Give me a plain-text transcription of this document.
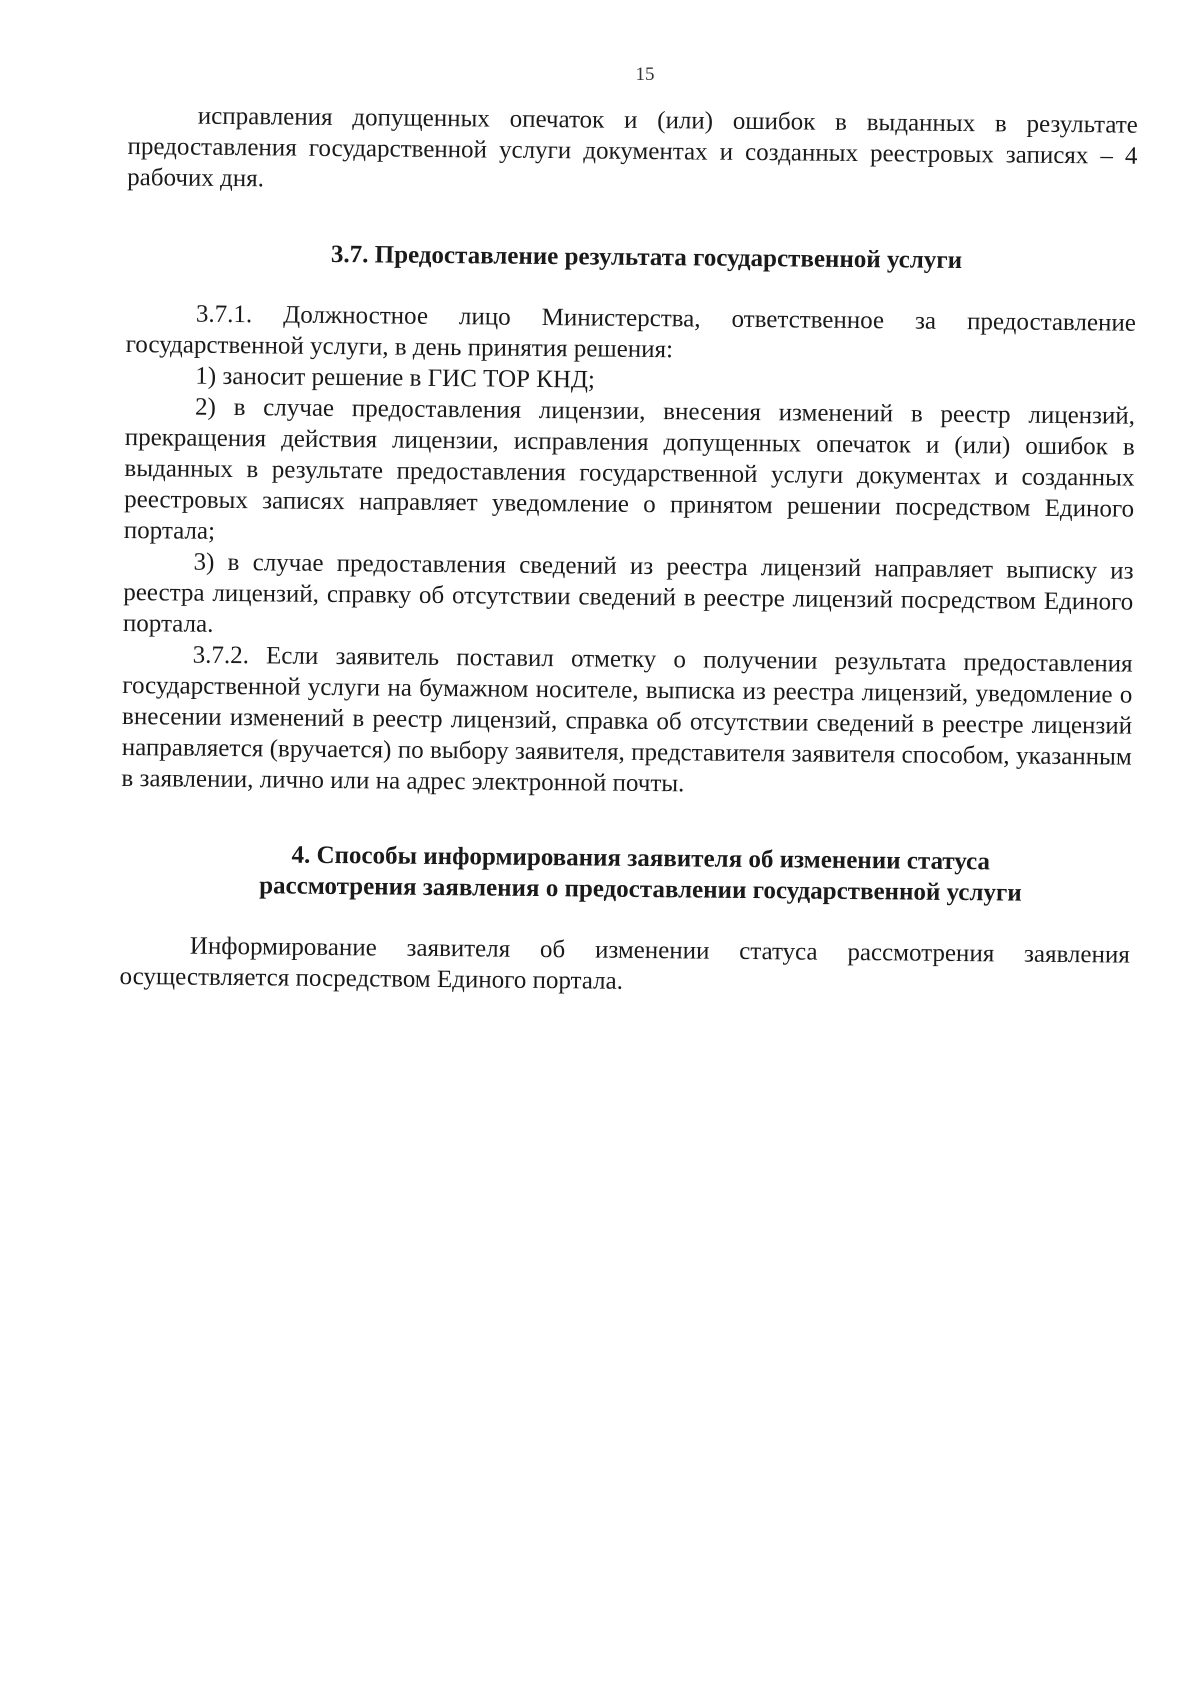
15

исправления допущенных опечаток и (или) ошибок в выданных в результате предоставления государственной услуги документах и созданных реестровых записях – 4 рабочих дня.

3.7. Предоставление результата государственной услуги

3.7.1. Должностное лицо Министерства, ответственное за предоставление государственной услуги, в день принятия решения:

1) заносит решение в ГИС ТОР КНД;

2) в случае предоставления лицензии, внесения изменений в реестр лицензий, прекращения действия лицензии, исправления допущенных опечаток и (или) ошибок в выданных в результате предоставления государственной услуги документах и созданных реестровых записях направляет уведомление о принятом решении посредством Единого портала;

3) в случае предоставления сведений из реестра лицензий направляет выписку из реестра лицензий, справку об отсутствии сведений в реестре лицензий посредством Единого портала.

3.7.2. Если заявитель поставил отметку о получении результата предоставления государственной услуги на бумажном носителе, выписка из реестра лицензий, уведомление о внесении изменений в реестр лицензий, справка об отсутствии сведений в реестре лицензий направляется (вручается) по выбору заявителя, представителя заявителя способом, указанным в заявлении, лично или на адрес электронной почты.

4. Способы информирования заявителя об изменении статуса
рассмотрения заявления о предоставлении государственной услуги

Информирование заявителя об изменении статуса рассмотрения заявления осуществляется посредством Единого портала.
